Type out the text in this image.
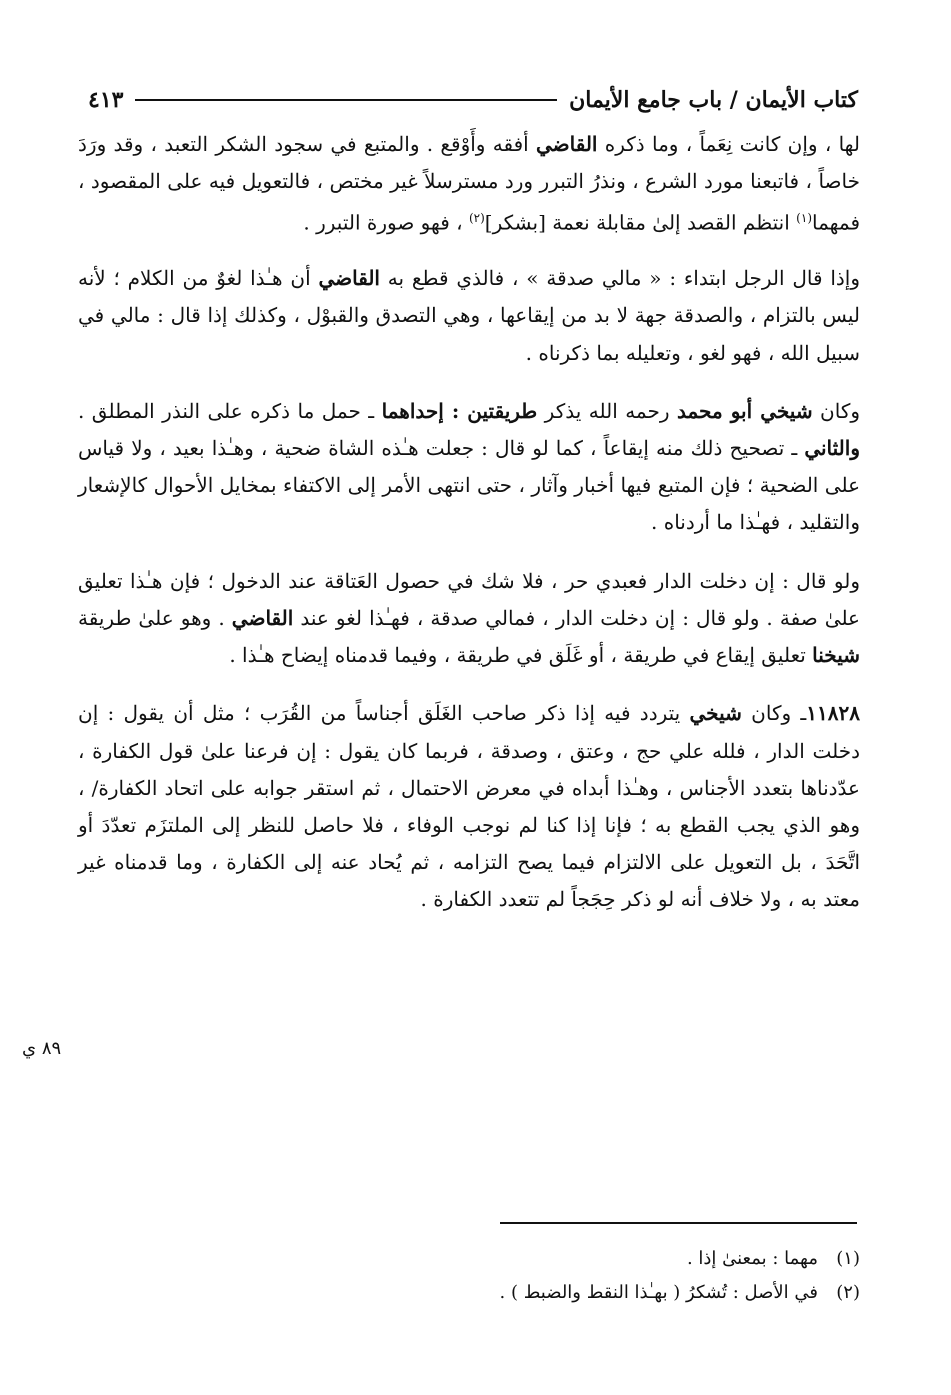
كتاب الأيمان / باب جامع الأيمان
٤١٣

لها ، وإن كانت نِعَماً ، وما ذكره القاضي أفقه وأَوْقع . والمتبع في سجود الشكر التعبد ، وقد ورَدَ خاصاً ، فاتبعنا مورد الشرع ، ونذرُ التبرر ورد مسترسلاً غير مختص ، فالتعويل فيه على المقصود ، فمهما$^{(١)}$ انتظم القصد إلىٰ مقابلة نعمة [بشكر]$^{(٢)}$ ، فهو صورة التبرر .

وإذا قال الرجل ابتداء : « مالي صدقة » ، فالذي قطع به القاضي أن هـٰذا لغوٌ من الكلام ؛ لأنه ليس بالتزام ، والصدقة جهة لا بد من إيقاعها ، وهي التصدق والقبوْل ، وكذلك إذا قال : مالي في سبيل الله ، فهو لغو ، وتعليله بما ذكرناه .

وكان شيخي أبو محمد رحمه الله يذكر طريقتين : إحداهما ـ حمل ما ذكره على النذر المطلق . والثاني ـ تصحيح ذلك منه إيقاعاً ، كما لو قال : جعلت هـٰذه الشاة ضحية ، وهـٰذا بعيد ، ولا قياس على الضحية ؛ فإن المتبع فيها أخبار وآثار ، حتى انتهى الأمر إلى الاكتفاء بمخايل الأحوال كالإشعار والتقليد ، فهـٰذا ما أردناه .

ولو قال : إن دخلت الدار فعبدي حر ، فلا شك في حصول العَتاقة عند الدخول ؛ فإن هـٰذا تعليق علىٰ صفة . ولو قال : إن دخلت الدار ، فمالي صدقة ، فهـٰذا لغو عند القاضي . وهو علىٰ طريقة شيخنا تعليق إيقاع في طريقة ، أو غَلَق في طريقة ، وفيما قدمناه إيضاح هـٰذا .

١١٨٢٨ـ وكان شيخي يتردد فيه إذا ذكر صاحب الغَلَق أجناساً من القُرَب ؛ مثل أن يقول : إن دخلت الدار ، فلله علي حج ، وعتق ، وصدقة ، فربما كان يقول : إن فرعنا علىٰ قول الكفارة ، عدّدناها بتعدد الأجناس ، وهـٰذا أبداه في معرض الاحتمال ، ثم استقر جوابه على اتحاد الكفارة/ ، وهو الذي يجب القطع به ؛ فإنا إذا كنا لم نوجب الوفاء ، فلا حاصل للنظر إلى الملتزَم تعدّدَ أو اتَّحَدَ ، بل التعويل على الالتزام فيما يصح التزامه ، ثم يُحاد عنه إلى الكفارة ، وما قدمناه غير معتد به ، ولا خلاف أنه لو ذكر حِجَجاً لم تتعدد الكفارة .

٨٩ ي
(١)
مهما : بمعنىٰ إذا .
(٢)
في الأصل : تُشكرُ ( بهـٰذا النقط والضبط ) .
